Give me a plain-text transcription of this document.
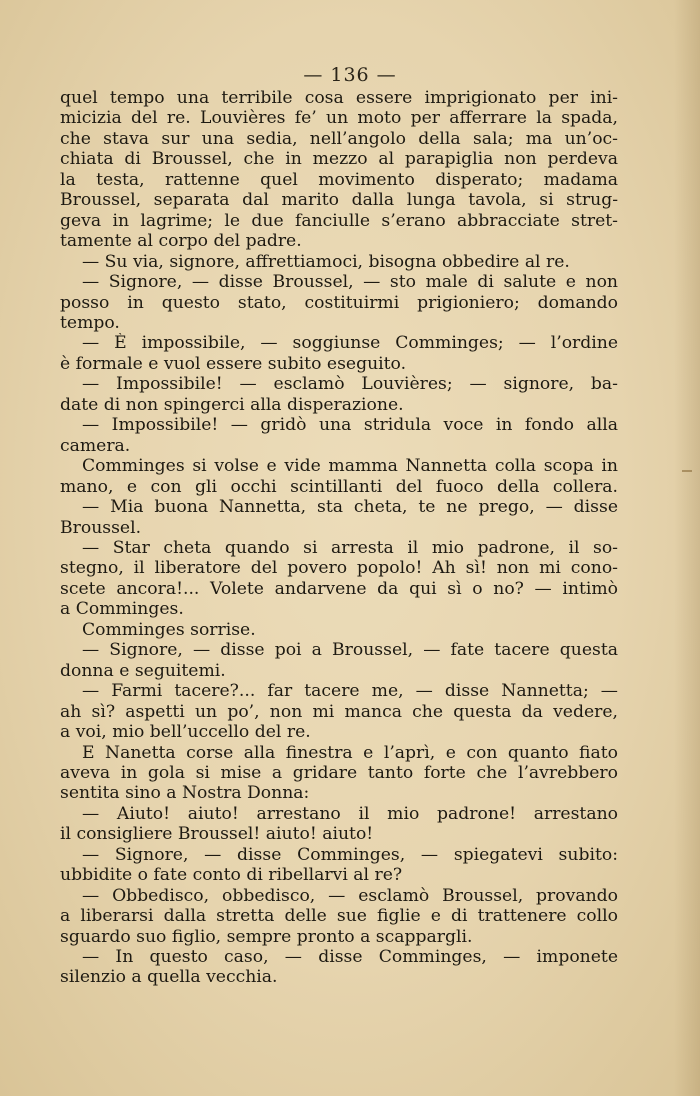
— 136 —
quel tempo una terribile cosa essere imprigionato per ini-
micizia del re. Louvières fe’ un moto per afferrare la spada,
che stava sur una sedia, nell’angolo della sala; ma un’oc-
chiata di Broussel, che in mezzo al parapiglia non perdeva
la testa, rattenne quel movimento disperato; madama
Broussel, separata dal marito dalla lunga tavola, si strug-
geva in lagrime; le due fanciulle s’erano abbracciate stret-
tamente al corpo del padre.
— Su via, signore, affrettiamoci, bisogna obbedire al re.
— Signore, — disse Broussel, — sto male di salute e non
posso in questo stato, costituirmi prigioniero; domando
tempo.
— È impossibile, — soggiunse Comminges; — l’ordine
è formale e vuol essere subito eseguito.
— Impossibile! — esclamò Louvières; — signore, ba-
date di non spingerci alla disperazione.
— Impossibile! — gridò una stridula voce in fondo alla
camera.
Comminges si volse e vide mamma Nannetta colla scopa in
mano, e con gli occhi scintillanti del fuoco della collera.
— Mia buona Nannetta, sta cheta, te ne prego, — disse
Broussel.
— Star cheta quando si arresta il mio padrone, il so-
stegno, il liberatore del povero popolo! Ah sì! non mi cono-
scete ancora!... Volete andarvene da qui sì o no? — intimò
a Comminges.
Comminges sorrise.
— Signore, — disse poi a Broussel, — fate tacere questa
donna e seguitemi.
— Farmi tacere?... far tacere me, — disse Nannetta; —
ah sì? aspetti un po’, non mi manca che questa da vedere,
a voi, mio bell’uccello del re.
E Nanetta corse alla finestra e l’aprì, e con quanto fiato
aveva in gola si mise a gridare tanto forte che l’avrebbero
sentita sino a Nostra Donna:
— Aiuto! aiuto! arrestano il mio padrone! arrestano
il consigliere Broussel! aiuto! aiuto!
— Signore, — disse Comminges, — spiegatevi subito:
ubbidite o fate conto di ribellarvi al re?
— Obbedisco, obbedisco, — esclamò Broussel, provando
a liberarsi dalla stretta delle sue figlie e di trattenere collo
sguardo suo figlio, sempre pronto a scappargli.
— In questo caso, — disse Comminges, — imponete
silenzio a quella vecchia.
